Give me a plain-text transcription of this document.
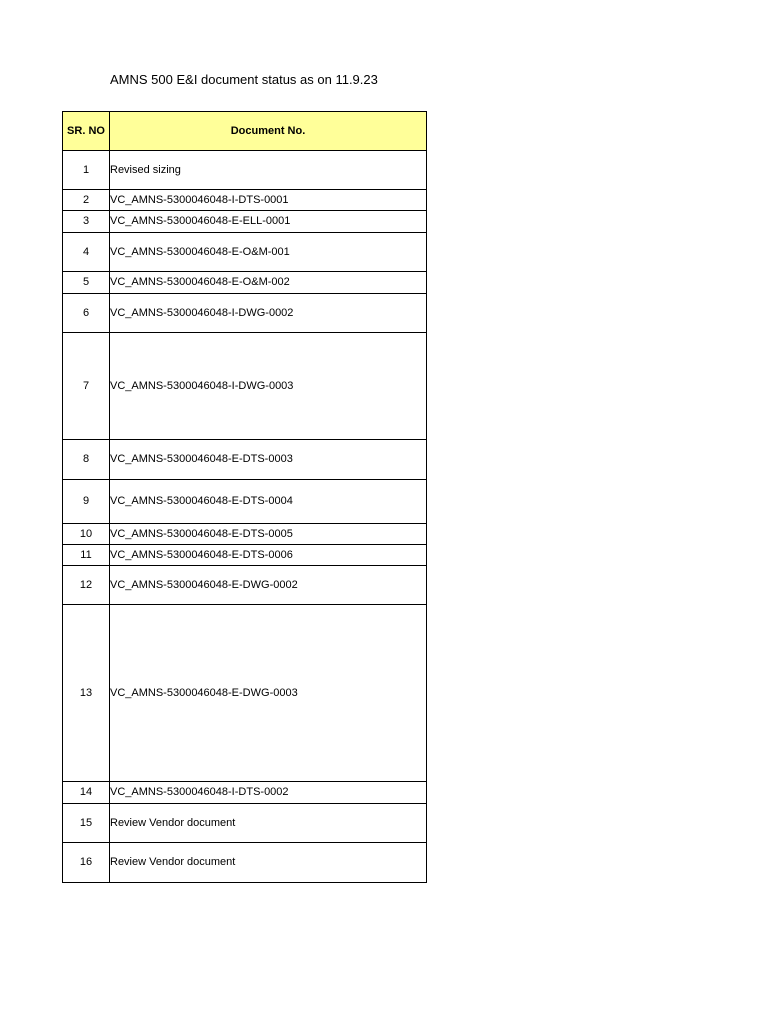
AMNS 500 E&I document status as on 11.9.23
SR. NO	Document No.
1	Revised sizing
2	VC_AMNS-5300046048-I-DTS-0001
3	VC_AMNS-5300046048-E-ELL-0001
4	VC_AMNS-5300046048-E-O&M-001
5	VC_AMNS-5300046048-E-O&M-002
6	VC_AMNS-5300046048-I-DWG-0002
7	VC_AMNS-5300046048-I-DWG-0003
8	VC_AMNS-5300046048-E-DTS-0003
9	VC_AMNS-5300046048-E-DTS-0004
10	VC_AMNS-5300046048-E-DTS-0005
11	VC_AMNS-5300046048-E-DTS-0006
12	VC_AMNS-5300046048-E-DWG-0002
13	VC_AMNS-5300046048-E-DWG-0003
14	VC_AMNS-5300046048-I-DTS-0002
15	Review Vendor document
16	Review Vendor document
